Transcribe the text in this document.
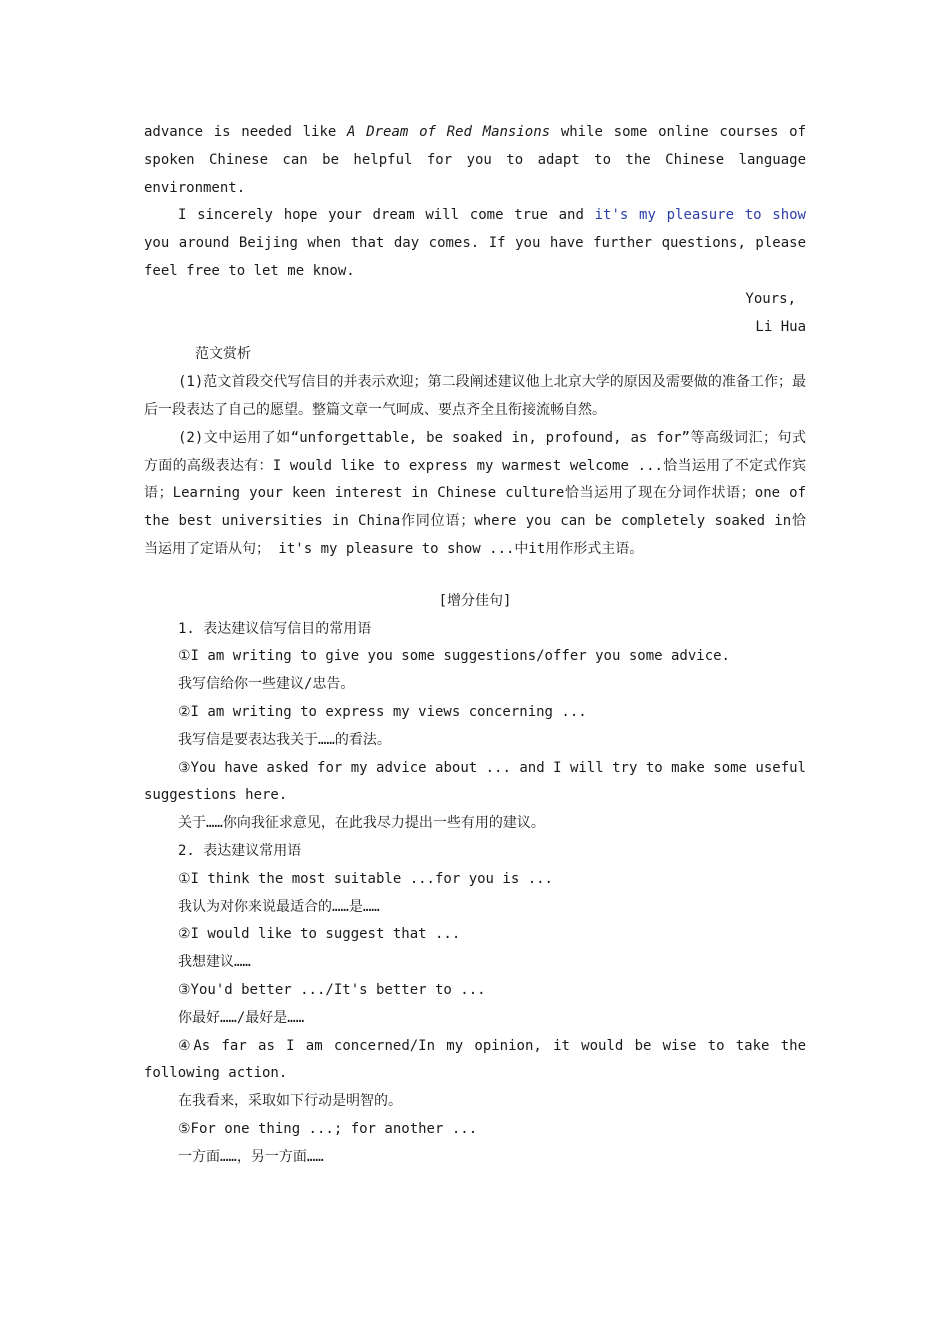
advance is needed like A Dream of Red Mansions while some online courses of spoken Chinese can be helpful for you to adapt to the Chinese language environment.

I sincerely hope your dream will come true and it's my pleasure to show you around Beijing when that day comes. If you have further questions, please feel free to let me know.

Yours,

Li Hua

范文赏析

(1)范文首段交代写信目的并表示欢迎；第二段阐述建议他上北京大学的原因及需要做的准备工作；最后一段表达了自己的愿望。整篇文章一气呵成、要点齐全且衔接流畅自然。

(2)文中运用了如“unforgettable, be soaked in, profound, as for”等高级词汇；句式方面的高级表达有：I would like to express my warmest welcome ...恰当运用了不定式作宾语；Learning your keen interest in Chinese culture恰当运用了现在分词作状语；one of the best universities in China作同位语；where you can be completely soaked in恰当运用了定语从句； it's my pleasure to show ...中it用作形式主语。

[增分佳句]

1. 表达建议信写信目的常用语

①I am writing to give you some suggestions/offer you some advice.

我写信给你一些建议/忠告。

②I am writing to express my views concerning ...

我写信是要表达我关于……的看法。

③You have asked for my advice about ... and I will try to make some useful suggestions here.

关于……你向我征求意见，在此我尽力提出一些有用的建议。

2. 表达建议常用语

①I think the most suitable ...for you is ...

我认为对你来说最适合的……是……

②I would like to suggest that ...

我想建议……

③You'd better .../It's better to ...

你最好……/最好是……

④As far as I am concerned/In my opinion, it would be wise to take the following action.

在我看来，采取如下行动是明智的。

⑤For one thing ...; for another ...

一方面……，另一方面……
